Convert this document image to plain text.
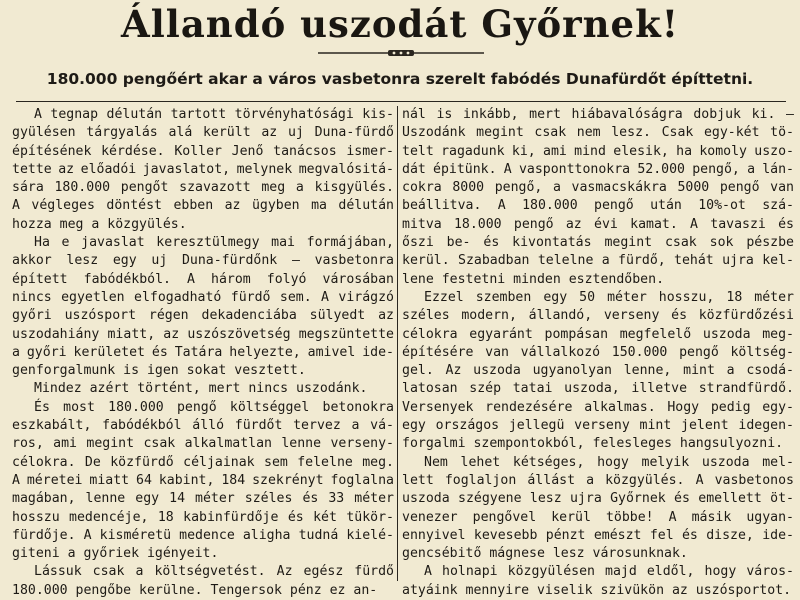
Állandó uszodát Győrnek!
180.000 pengőért akar a város vasbetonra szerelt fabódés Dunafürdőt építtetni.

A tegnap délután tartott törvényhatósági kis-
gyülésen tárgyalás alá került az uj Duna-fürdő
építésének kérdése. Koller Jenő tanácsos ismer-
tette az előadói javaslatot, melynek megvalósitá-
sára 180.000 pengőt szavazott meg a kisgyülés.
A végleges döntést ebben az ügyben ma délután
hozza meg a közgyülés.

Ha e javaslat keresztülmegy mai formájában,
akkor lesz egy uj Duna-fürdőnk — vasbetonra
épített fabódékból. A három folyó városában
nincs egyetlen elfogadható fürdő sem. A virágzó
győri uszósport régen dekadenciába sülyedt az
uszodahiány miatt, az uszószövetség megszüntette
a győri kerületet és Tatára helyezte, amivel ide-
genforgalmunk is igen sokat vesztett.

Mindez azért történt, mert nincs uszodánk.

És most 180.000 pengő költséggel betonokra
eszkabált, fabódékból álló fürdőt tervez a vá-
ros, ami megint csak alkalmatlan lenne verseny-
célokra. De közfürdő céljainak sem felelne meg.
A méretei miatt 64 kabint, 184 szekrényt foglalna
magában, lenne egy 14 méter széles és 33 méter
hosszu medencéje, 18 kabinfürdője és két tükör-
fürdője. A kisméretü medence aligha tudná kielé-
giteni a győriek igényeit.

Lássuk csak a költségvetést. Az egész fürdő
180.000 pengőbe kerülne. Tengersok pénz ez an-

nál is inkább, mert hiábavalóságra dobjuk ki. —
Uszodánk megint csak nem lesz. Csak egy-két tö-
telt ragadunk ki, ami mind elesik, ha komoly uszo-
dát épitünk. A vasponttonokra 52.000 pengő, a lán-
cokra 8000 pengő, a vasmacskákra 5000 pengő van
beállitva. A 180.000 pengő után 10%-ot szá-
mitva 18.000 pengő az évi kamat. A tavaszi és
őszi be- és kivontatás megint csak sok pészbe
kerül. Szabadban telelne a fürdő, tehát ujra kel-
lene festetni minden esztendőben.

Ezzel szemben egy 50 méter hosszu, 18 méter
széles modern, állandó, verseny és közfürdőzési
célokra egyaránt pompásan megfelelő uszoda meg-
építésére van vállalkozó 150.000 pengő költség-
gel. Az uszoda ugyanolyan lenne, mint a csodá-
latosan szép tatai uszoda, illetve strandfürdő.
Versenyek rendezésére alkalmas. Hogy pedig egy-
egy országos jellegü verseny mint jelent idegen-
forgalmi szempontokból, felesleges hangsulyozni.

Nem lehet kétséges, hogy melyik uszoda mel-
lett foglaljon állást a közgyülés. A vasbetonos
uszoda szégyene lesz ujra Győrnek és emellett öt-
venezer pengővel kerül többe! A másik ugyan-
ennyivel kevesebb pénzt emészt fel és disze, ide-
gencsébitő mágnese lesz városunknak.

A holnapi közgyülésen majd eldől, hogy város-
atyáink mennyire viselik szivükön az uszósportot.
